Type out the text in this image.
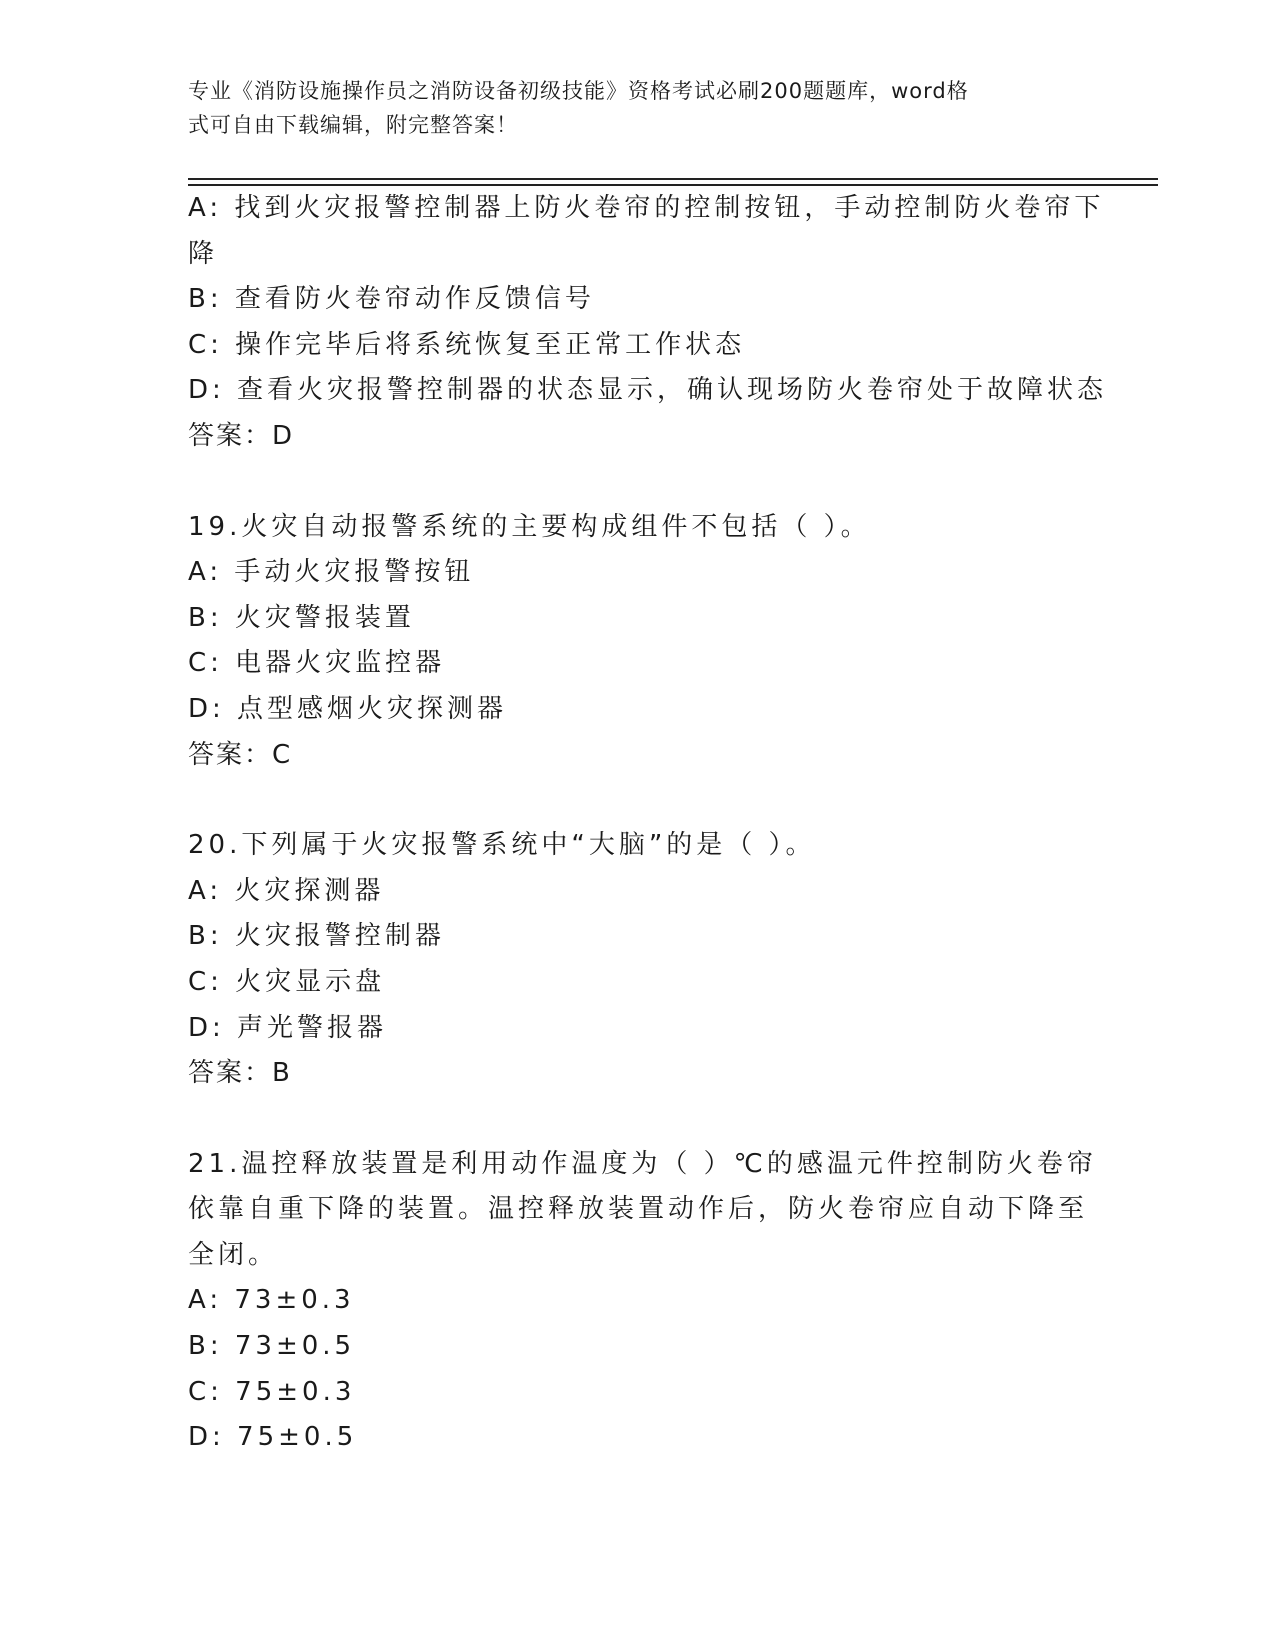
专业《消防设施操作员之消防设备初级技能》资格考试必刷200题题库，word格
式可自由下载编辑，附完整答案！
A: 找到火灾报警控制器上防火卷帘的控制按钮，手动控制防火卷帘下
降
B: 查看防火卷帘动作反馈信号
C: 操作完毕后将系统恢复至正常工作状态
D: 查看火灾报警控制器的状态显示，确认现场防火卷帘处于故障状态
答案：D
19.火灾自动报警系统的主要构成组件不包括（ ）。
A: 手动火灾报警按钮
B: 火灾警报装置
C: 电器火灾监控器
D: 点型感烟火灾探测器
答案：C
20.下列属于火灾报警系统中“大脑”的是（ ）。
A: 火灾探测器
B: 火灾报警控制器
C: 火灾显示盘
D: 声光警报器
答案：B
21.温控释放装置是利用动作温度为（ ）℃的感温元件控制防火卷帘
依靠自重下降的装置。温控释放装置动作后，防火卷帘应自动下降至
全闭。
A: 73±0.3
B: 73±0.5
C: 75±0.3
D: 75±0.5
